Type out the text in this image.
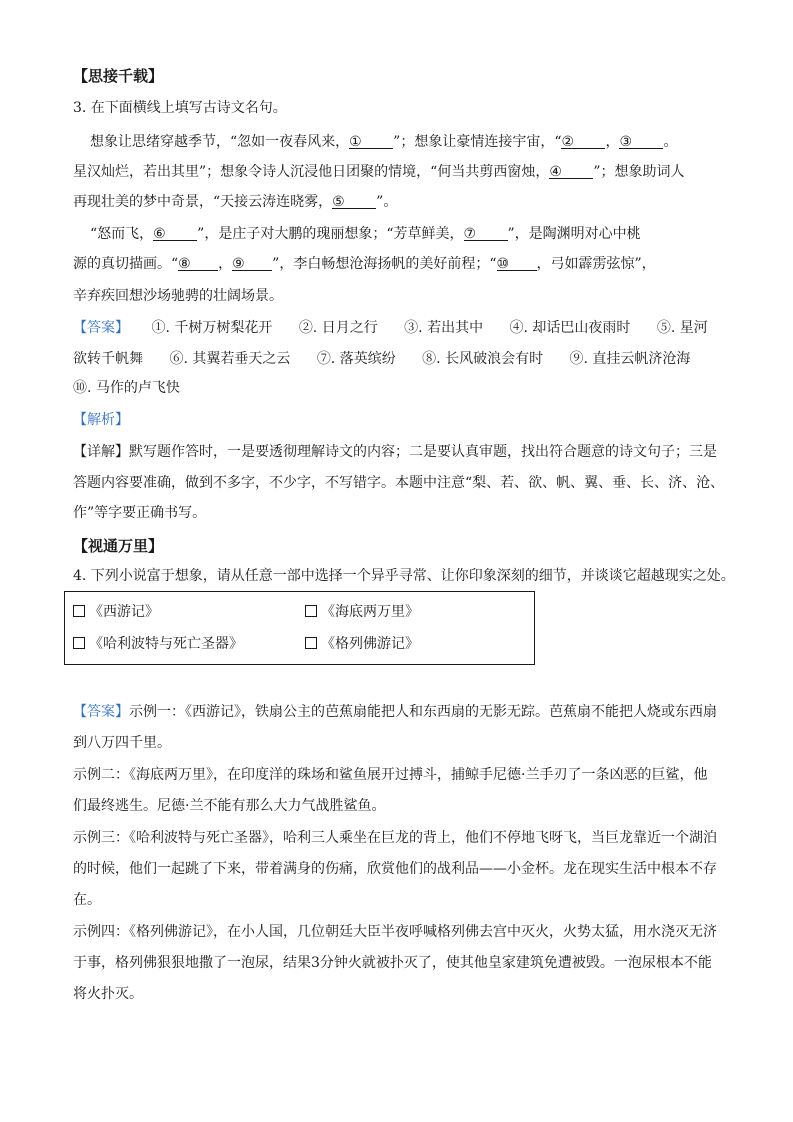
【思接千载】
3. 在下面横线上填写古诗文名句。
想象让思绪穿越季节，“忽如一夜春风来，① ”；想象让豪情连接宇宙，“② ，③ 。
星汉灿烂，若出其里”；想象令诗人沉浸他日团聚的情境，“何当共剪西窗烛，④ ”；想象助词人
再现壮美的梦中奇景，“天接云涛连晓雾，⑤ ”。
“怒而飞，⑥ ”，是庄子对大鹏的瑰丽想象；“芳草鲜美，⑦ ”，是陶渊明对心中桃
源的真切描画。“⑧ ，⑨ ”，李白畅想沧海扬帆的美好前程；“⑩ ，弓如霹雳弦惊”，
辛弃疾回想沙场驰骋的壮阔场景。
【答案】 ①. 千树万树梨花开 ②. 日月之行 ③. 若出其中 ④. 却话巴山夜雨时 ⑤. 星河
欲转千帆舞 ⑥. 其翼若垂天之云 ⑦. 落英缤纷 ⑧. 长风破浪会有时 ⑨. 直挂云帆济沧海
⑩. 马作的卢飞快
【解析】
【详解】默写题作答时，一是要透彻理解诗文的内容；二是要认真审题，找出符合题意的诗文句子；三是
答题内容要准确，做到不多字，不少字，不写错字。本题中注意“梨、若、欲、帆、翼、垂、长、济、沧、
作”等字要正确书写。
【视通万里】
4. 下列小说富于想象，请从任意一部中选择一个异乎寻常、让你印象深刻的细节，并谈谈它超越现实之处。
《西游记》	《海底两万里》
《哈利波特与死亡圣器》	《格列佛游记》
【答案】示例一：《西游记》，铁扇公主的芭蕉扇能把人和东西扇的无影无踪。芭蕉扇不能把人烧或东西扇
到八万四千里。
示例二：《海底两万里》，在印度洋的珠场和鲨鱼展开过搏斗，捕鲸手尼德·兰手刃了一条凶恶的巨鲨，他
们最终逃生。尼德·兰不能有那么大力气战胜鲨鱼。
示例三：《哈利波特与死亡圣器》，哈利三人乘坐在巨龙的背上，他们不停地飞呀飞，当巨龙靠近一个湖泊
的时候，他们一起跳了下来，带着满身的伤痛，欣赏他们的战利品——小金杯。龙在现实生活中根本不存
在。
示例四：《格列佛游记》，在小人国，几位朝廷大臣半夜呼喊格列佛去宫中灭火，火势太猛，用水浇灭无济
于事，格列佛狠狠地撒了一泡尿，结果3分钟火就被扑灭了，使其他皇家建筑免遭被毁。一泡尿根本不能
将火扑灭。
